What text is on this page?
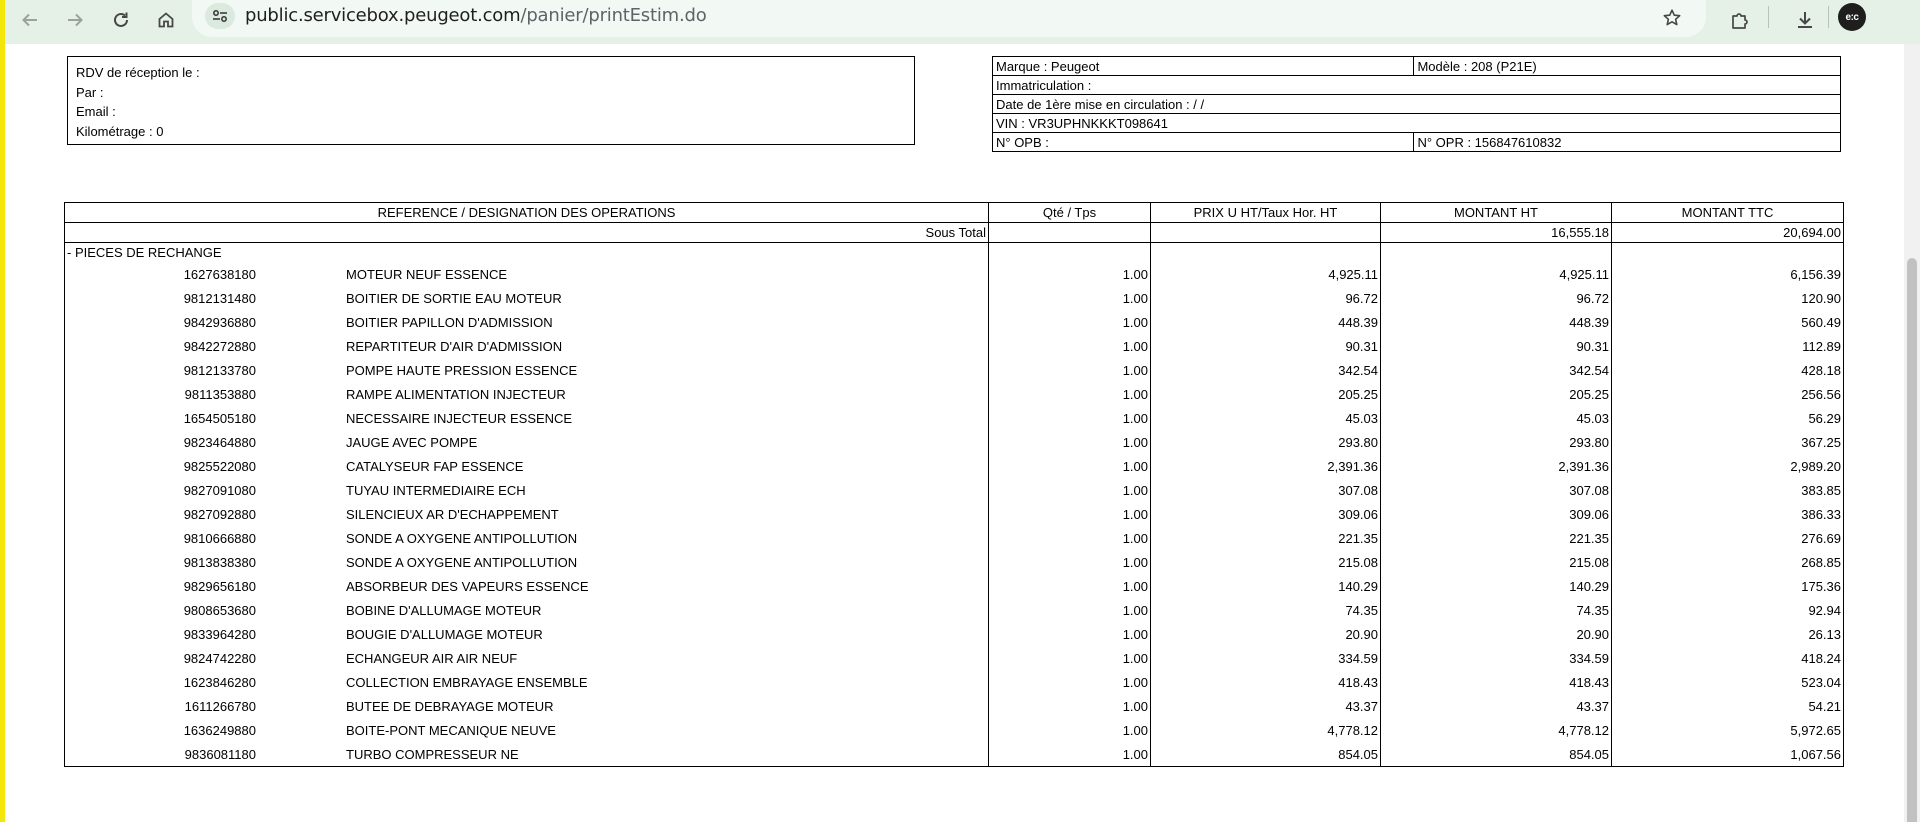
public.servicebox.peugeot.com/panier/printEstim.do	e:c
RDV de réception le :
Par :
Email :
Kilométrage : 0
Marque : Peugeot	Modèle : 208 (P21E)
Immatriculation :	
Date de 1ère mise en circulation : / /	
VIN : VR3UPHNKKKT098641	
N° OPB :	N° OPR : 156847610832
REFERENCE / DESIGNATION DES OPERATIONS	Qté / Tps	PRIX U HT/Taux Hor. HT	MONTANT HT	MONTANT TTC
Sous Total			16,555.18	20,694.00
- PIECES DE RECHANGE				
1627638180 MOTEUR NEUF ESSENCE	1.00	4,925.11	4,925.11	6,156.39
9812131480 BOITIER DE SORTIE EAU MOTEUR	1.00	96.72	96.72	120.90
9842936880 BOITIER PAPILLON D'ADMISSION	1.00	448.39	448.39	560.49
9842272880 REPARTITEUR D'AIR D'ADMISSION	1.00	90.31	90.31	112.89
9812133780 POMPE HAUTE PRESSION ESSENCE	1.00	342.54	342.54	428.18
9811353880 RAMPE ALIMENTATION INJECTEUR	1.00	205.25	205.25	256.56
1654505180 NECESSAIRE INJECTEUR ESSENCE	1.00	45.03	45.03	56.29
9823464880 JAUGE AVEC POMPE	1.00	293.80	293.80	367.25
9825522080 CATALYSEUR FAP ESSENCE	1.00	2,391.36	2,391.36	2,989.20
9827091080 TUYAU INTERMEDIAIRE ECH	1.00	307.08	307.08	383.85
9827092880 SILENCIEUX AR D'ECHAPPEMENT	1.00	309.06	309.06	386.33
9810666880 SONDE A OXYGENE ANTIPOLLUTION	1.00	221.35	221.35	276.69
9813838380 SONDE A OXYGENE ANTIPOLLUTION	1.00	215.08	215.08	268.85
9829656180 ABSORBEUR DES VAPEURS ESSENCE	1.00	140.29	140.29	175.36
9808653680 BOBINE D'ALLUMAGE MOTEUR	1.00	74.35	74.35	92.94
9833964280 BOUGIE D'ALLUMAGE MOTEUR	1.00	20.90	20.90	26.13
9824742280 ECHANGEUR AIR AIR NEUF	1.00	334.59	334.59	418.24
1623846280 COLLECTION EMBRAYAGE ENSEMBLE	1.00	418.43	418.43	523.04
1611266780 BUTEE DE DEBRAYAGE MOTEUR	1.00	43.37	43.37	54.21
1636249880 BOITE-PONT MECANIQUE NEUVE	1.00	4,778.12	4,778.12	5,972.65
9836081180 TURBO COMPRESSEUR NE	1.00	854.05	854.05	1,067.56
